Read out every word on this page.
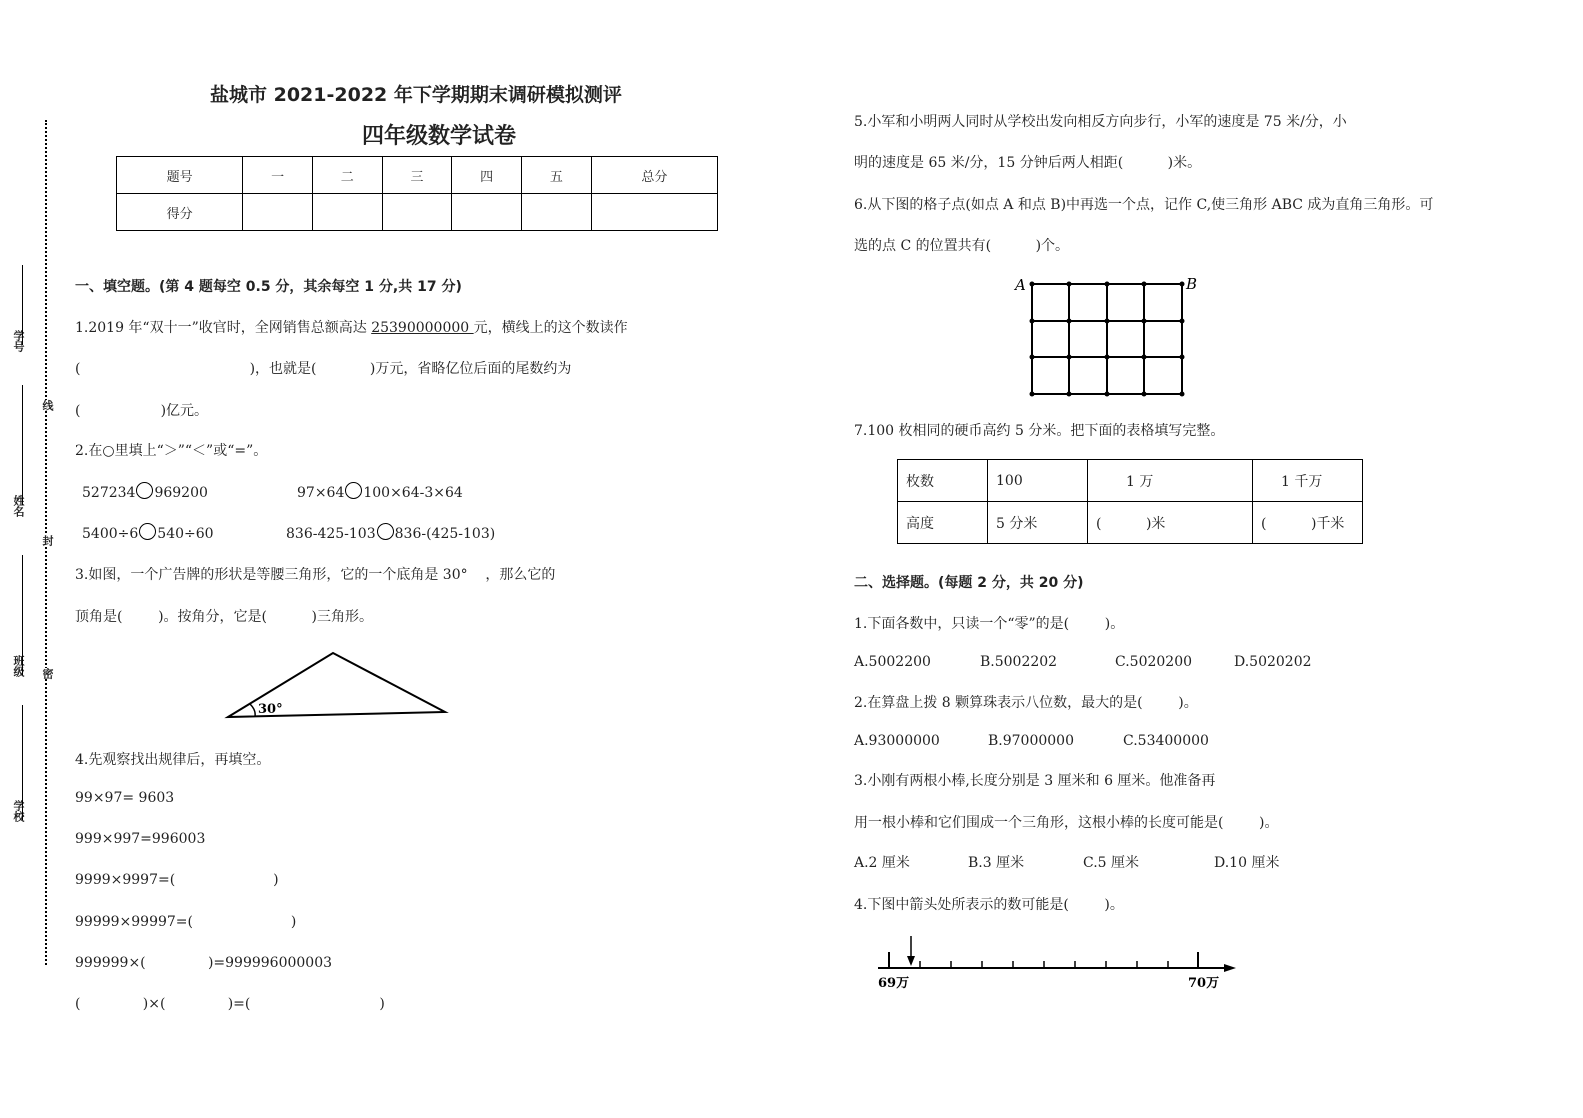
学号
姓名
班级
学校
线
封
密
盐城市 2021-2022 年下学期期末调研模拟测评
四年级数学试卷
题号	一	二	三	四	五	总分
得分						
一、填空题。(第 4 题每空 0.5 分，其余每空 1 分,共 17 分)
1.2019 年“双十一”收官时，全网销售总额高达 25390000000 元，横线上的这个数读作
(                                      )，也就是(            )万元，省略亿位后面的尾数约为
(                  )亿元。
2.在○里填上“＞”“＜”或“=”。
527234 969200	97×64 100×64-3×64
5400÷6 540÷60	836-425-103 836-(425-103)
3.如图，一个广告牌的形状是等腰三角形，它的一个底角是 30°    ，那么它的
顶角是(        )。按角分，它是(          )三角形。
30°
4.先观察找出规律后，再填空。
99×97= 9603
999×997=996003
9999×9997=(                      )
99999×99997=(                      )
999999×(              )=999996000003
(              )×(              )=(                             )
5.小军和小明两人同时从学校出发向相反方向步行，小军的速度是 75 米/分，小
明的速度是 65 米/分，15 分钟后两人相距(          )米。
6.从下图的格子点(如点 A 和点 B)中再选一个点，记作 C,使三角形 ABC 成为直角三角形。可
选的点 C 的位置共有(          )个。
A	B
7.100 枚相同的硬币高约 5 分米。把下面的表格填写完整。
枚数	100	1 万	1 千万
高度	5 分米	(          )米	(          )千米
二、选择题。(每题 2 分，共 20 分)
1.下面各数中，只读一个“零”的是(        )。
A.5002200	B.5002202	C.5020200	D.5020202
2.在算盘上拨 8 颗算珠表示八位数，最大的是(        )。
A.93000000	B.97000000	C.53400000
3.小刚有两根小棒,长度分别是 3 厘米和 6 厘米。他准备再
用一根小棒和它们围成一个三角形，这根小棒的长度可能是(        )。
A.2 厘米	B.3 厘米	C.5 厘米	D.10 厘米
4.下图中箭头处所表示的数可能是(        )。
69万	70万
